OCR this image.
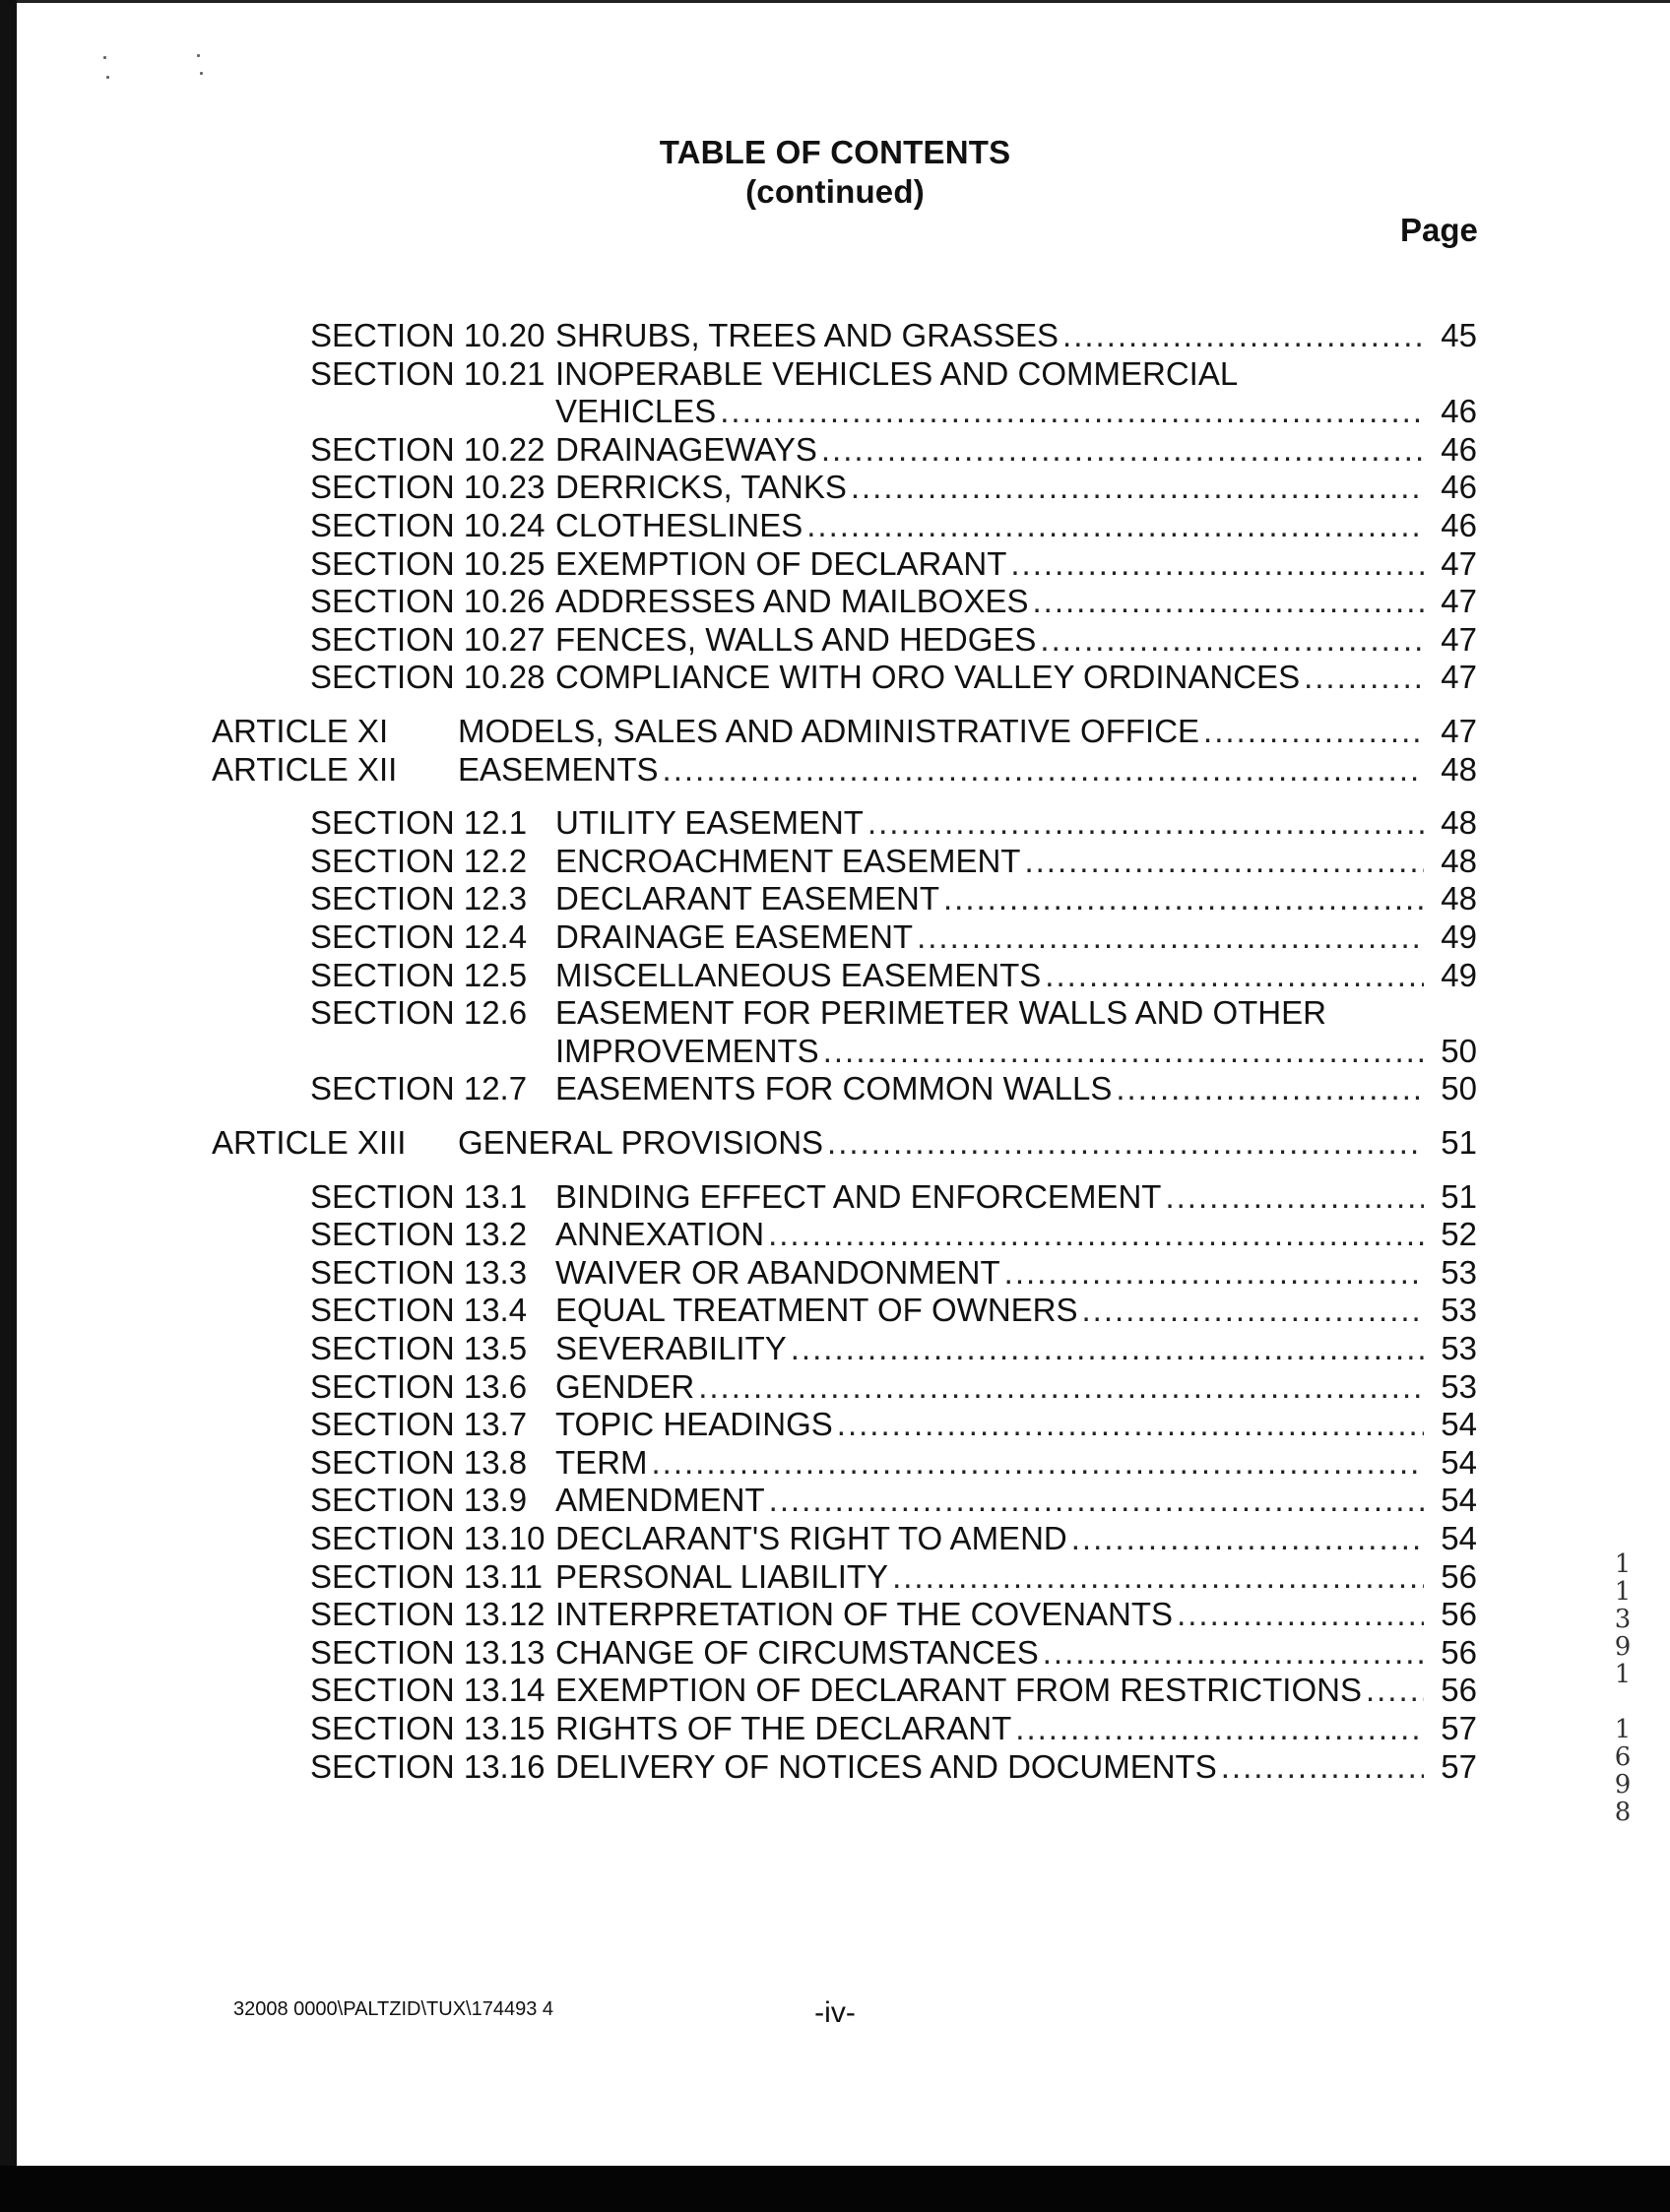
TABLE OF CONTENTS
(continued)
Page
SECTION 10.20 SHRUBS, TREES AND GRASSES .....	45
SECTION 10.21 INOPERABLE VEHICLES AND COMMERCIAL
VEHICLES .....	46
SECTION 10.22 DRAINAGEWAYS .....	46
SECTION 10.23 DERRICKS, TANKS .....	46
SECTION 10.24 CLOTHESLINES .....	46
SECTION 10.25 EXEMPTION OF DECLARANT .....	47
SECTION 10.26 ADDRESSES AND MAILBOXES .....	47
SECTION 10.27 FENCES, WALLS AND HEDGES .....	47
SECTION 10.28 COMPLIANCE WITH ORO VALLEY ORDINANCES .....	47
ARTICLE XI	MODELS, SALES AND ADMINISTRATIVE OFFICE .....	47
ARTICLE XII	EASEMENTS .....	48
SECTION 12.1 UTILITY EASEMENT .....	48
SECTION 12.2 ENCROACHMENT EASEMENT .....	48
SECTION 12.3 DECLARANT EASEMENT .....	48
SECTION 12.4 DRAINAGE EASEMENT .....	49
SECTION 12.5 MISCELLANEOUS EASEMENTS .....	49
SECTION 12.6 EASEMENT FOR PERIMETER WALLS AND OTHER
IMPROVEMENTS .....	50
SECTION 12.7 EASEMENTS FOR COMMON WALLS .....	50
ARTICLE XIII	GENERAL PROVISIONS .....	51
SECTION 13.1 BINDING EFFECT AND ENFORCEMENT .....	51
SECTION 13.2 ANNEXATION .....	52
SECTION 13.3 WAIVER OR ABANDONMENT .....	53
SECTION 13.4 EQUAL TREATMENT OF OWNERS .....	53
SECTION 13.5 SEVERABILITY .....	53
SECTION 13.6 GENDER .....	53
SECTION 13.7 TOPIC HEADINGS .....	54
SECTION 13.8 TERM .....	54
SECTION 13.9 AMENDMENT .....	54
SECTION 13.10 DECLARANT'S RIGHT TO AMEND .....	54
SECTION 13.11 PERSONAL LIABILITY .....	56
SECTION 13.12 INTERPRETATION OF THE COVENANTS .....	56
SECTION 13.13 CHANGE OF CIRCUMSTANCES .....	56
SECTION 13.14 EXEMPTION OF DECLARANT FROM RESTRICTIONS .....	56
SECTION 13.15 RIGHTS OF THE DECLARANT .....	57
SECTION 13.16 DELIVERY OF NOTICES AND DOCUMENTS .....	57
32008 0000\PALTZID\TUX\174493 4	-iv-
1
1
3
9
1
1
6
9
8
